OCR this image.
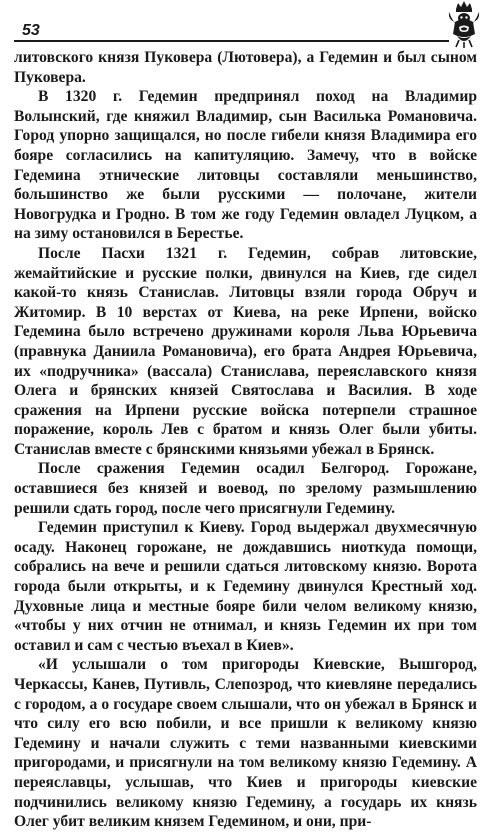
53

литовского князя Пуковера (Лютовера), а Гедемин и был сыном Пуковера.

В 1320 г. Гедемин предпринял поход на Владимир Волынский, где княжил Владимир, сын Василька Романовича. Город упорно защищался, но после гибели князя Владимира его бояре согласились на капитуляцию. Замечу, что в войске Гедемина этнические литовцы составляли меньшинство, большинство же были русскими — полочане, жители Новогрудка и Гродно. В том же году Гедемин овладел Луцком, а на зиму остановился в Берестье.

После Пасхи 1321 г. Гедемин, собрав литовские, жемайтийские и русские полки, двинулся на Киев, где сидел какой-то князь Станислав. Литовцы взяли города Обруч и Житомир. В 10 верстах от Киева, на реке Ирпени, войско Гедемина было встречено дружинами короля Льва Юрьевича (правнука Даниила Романовича), его брата Андрея Юрьевича, их «подручника» (вассала) Станислава, переяславского князя Олега и брянских князей Святослава и Василия. В ходе сражения на Ирпени русские войска потерпели страшное поражение, король Лев с братом и князь Олег были убиты. Станислав вместе с брянскими князьями убежал в Брянск.

После сражения Гедемин осадил Белгород. Горожане, оставшиеся без князей и воевод, по зрелому размышлению решили сдать город, после чего присягнули Гедемину.

Гедемин приступил к Киеву. Город выдержал двухмесячную осаду. Наконец горожане, не дождавшись ниоткуда помощи, собрались на вече и решили сдаться литовскому князю. Ворота города были открыты, и к Гедемину двинулся Крестный ход. Духовные лица и местные бояре били челом великому князю, «чтобы у них отчин не отнимал, и князь Гедемин их при том оставил и сам с честью въехал в Киев».

«И услышали о том пригороды Киевские, Вышгород, Черкассы, Канев, Путивль, Слепозрод, что киевляне передались с городом, а о государе своем слышали, что он убежал в Брянск и что силу его всю побили, и все пришли к великому князю Гедемину и начали служить с теми названными киевскими пригородами, и присягнули на том великому князю Гедемину. А переяславцы, услышав, что Киев и пригороды киевские подчинились великому князю Гедемину, а государь их князь Олег убит великим князем Гедемином, и они, при-
